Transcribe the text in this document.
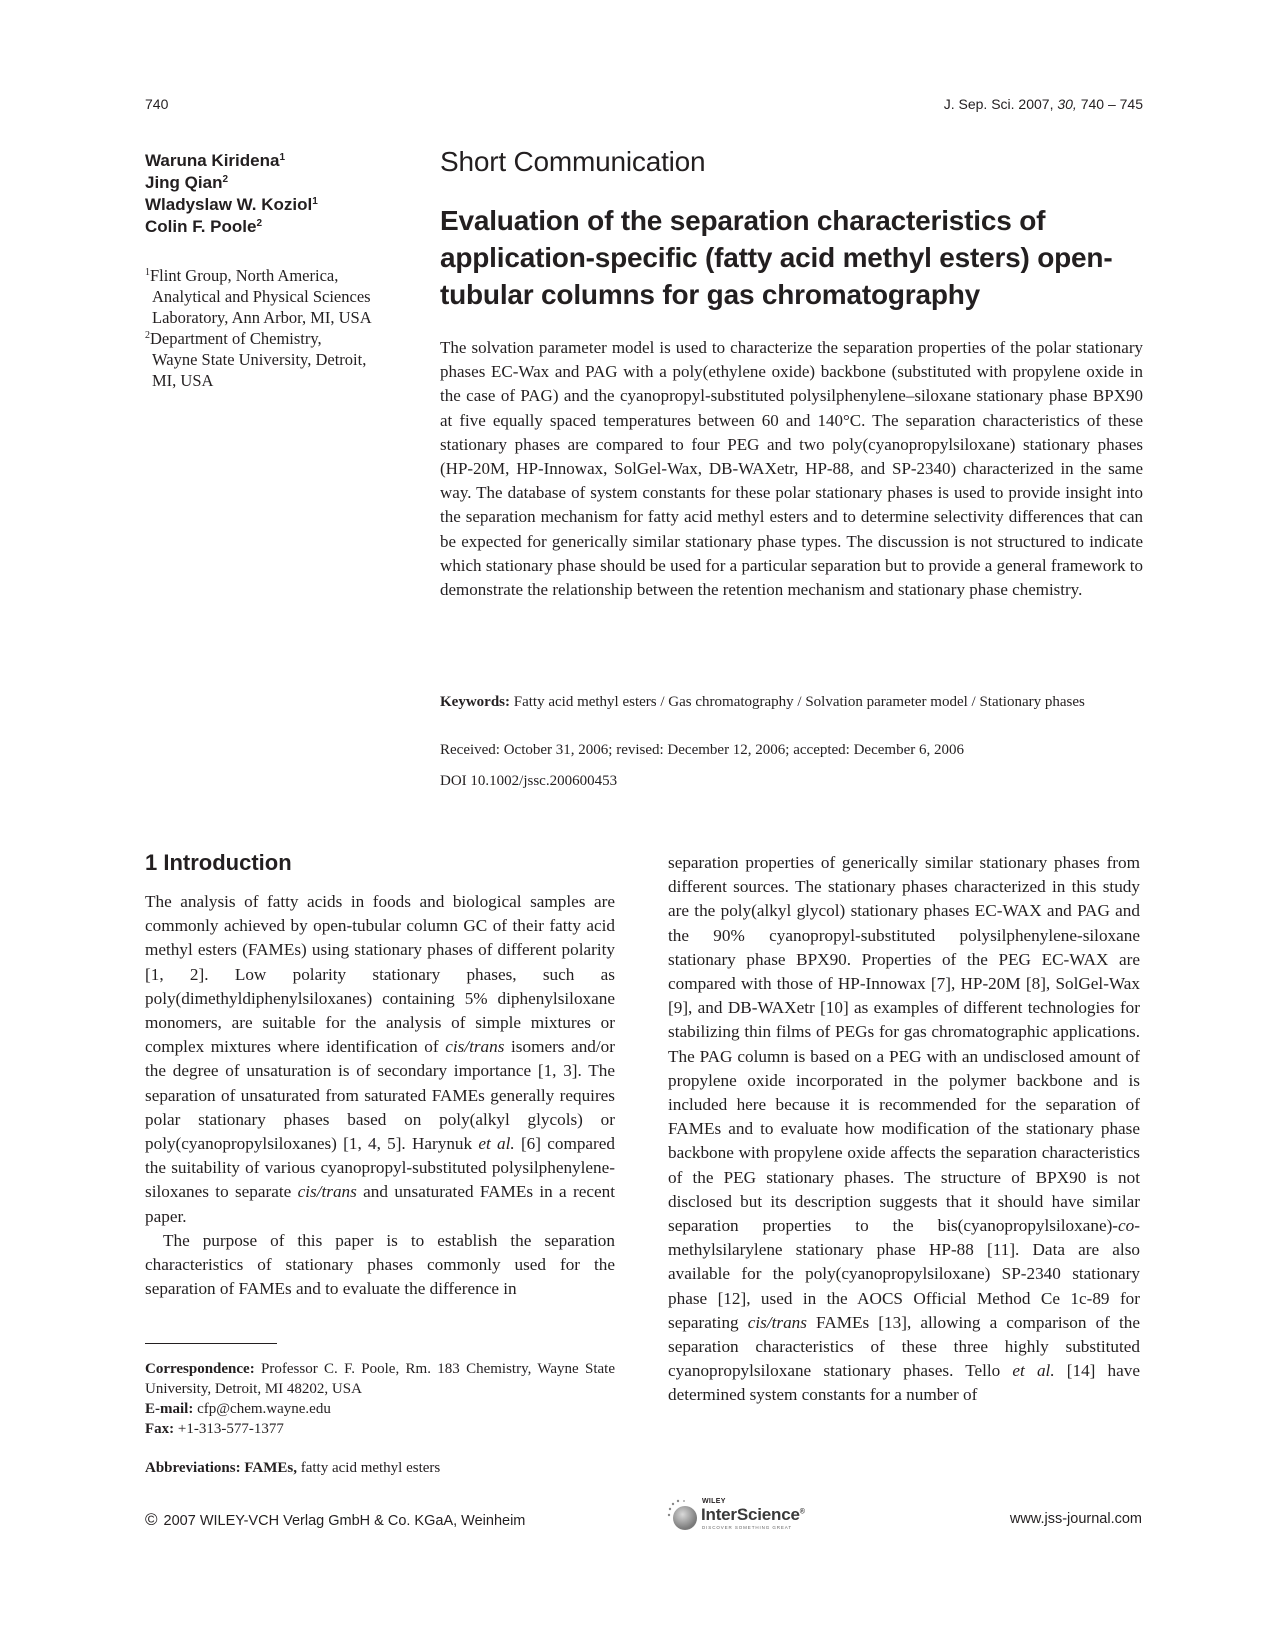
740	J. Sep. Sci. 2007, 30, 740 – 745
Waruna Kiridena$^1$
Jing Qian$^2$
Wladyslaw W. Koziol$^1$
Colin F. Poole$^2$
$^1$Flint Group, North America,
Analytical and Physical Sciences
Laboratory, Ann Arbor, MI, USA
$^2$Department of Chemistry,
Wayne State University, Detroit,
MI, USA
Short Communication
Evaluation of the separation characteristics of application-specific (fatty acid methyl esters) open-tubular columns for gas chromatography
The solvation parameter model is used to characterize the separation properties of the polar stationary phases EC-Wax and PAG with a poly(ethylene oxide) backbone (substituted with propylene oxide in the case of PAG) and the cyanopropyl-substituted polysilphenylene–siloxane stationary phase BPX90 at five equally spaced temperatures between 60 and 140°C. The separation characteristics of these stationary phases are compared to four PEG and two poly(cyanopropylsiloxane) stationary phases (HP-20M, HP-Innowax, SolGel-Wax, DB-WAXetr, HP-88, and SP-2340) characterized in the same way. The database of system constants for these polar stationary phases is used to provide insight into the separation mechanism for fatty acid methyl esters and to determine selectivity differences that can be expected for generically similar stationary phase types. The discussion is not structured to indicate which stationary phase should be used for a particular separation but to provide a general framework to demonstrate the relationship between the retention mechanism and stationary phase chemistry.
Keywords: Fatty acid methyl esters / Gas chromatography / Solvation parameter model / Stationary phases
Received: October 31, 2006; revised: December 12, 2006; accepted: December 6, 2006
DOI 10.1002/jssc.200600453
1 Introduction

The analysis of fatty acids in foods and biological samples are commonly achieved by open-tubular column GC of their fatty acid methyl esters (FAMEs) using stationary phases of different polarity [1, 2]. Low polarity stationary phases, such as poly(dimethyldiphenylsiloxanes) containing 5% diphenylsiloxane monomers, are suitable for the analysis of simple mixtures or complex mixtures where identification of cis/trans isomers and/or the degree of unsaturation is of secondary importance [1, 3]. The separation of unsaturated from saturated FAMEs generally requires polar stationary phases based on poly(alkyl glycols) or poly(cyanopropylsiloxanes) [1, 4, 5]. Harynuk et al. [6] compared the suitability of various cyanopropyl-substituted polysilphenylene-siloxanes to separate cis/trans and unsaturated FAMEs in a recent paper.

The purpose of this paper is to establish the separation characteristics of stationary phases commonly used for the separation of FAMEs and to evaluate the difference in

separation properties of generically similar stationary phases from different sources. The stationary phases characterized in this study are the poly(alkyl glycol) stationary phases EC-WAX and PAG and the 90% cyanopropyl-substituted polysilphenylene-siloxane stationary phase BPX90. Properties of the PEG EC-WAX are compared with those of HP-Innowax [7], HP-20M [8], SolGel-Wax [9], and DB-WAXetr [10] as examples of different technologies for stabilizing thin films of PEGs for gas chromatographic applications. The PAG column is based on a PEG with an undisclosed amount of propylene oxide incorporated in the polymer backbone and is included here because it is recommended for the separation of FAMEs and to evaluate how modification of the stationary phase backbone with propylene oxide affects the separation characteristics of the PEG stationary phases. The structure of BPX90 is not disclosed but its description suggests that it should have similar separation properties to the bis(cyanopropylsiloxane)-co-methylsilarylene stationary phase HP-88 [11]. Data are also available for the poly(cyanopropylsiloxane) SP-2340 stationary phase [12], used in the AOCS Official Method Ce 1c-89 for separating cis/trans FAMEs [13], allowing a comparison of the separation characteristics of these three highly substituted cyanopropylsiloxane stationary phases. Tello et al. [14] have determined system constants for a number of

Correspondence: Professor C. F. Poole, Rm. 183 Chemistry, Wayne State University, Detroit, MI 48202, USA
E-mail: cfp@chem.wayne.edu
Fax: +1-313-577-1377
Abbreviations: FAMEs, fatty acid methyl esters
© 2007 WILEY-VCH Verlag GmbH & Co. KGaA, Weinheim
WILEY
InterScience®
DISCOVER SOMETHING GREAT
www.jss-journal.com
